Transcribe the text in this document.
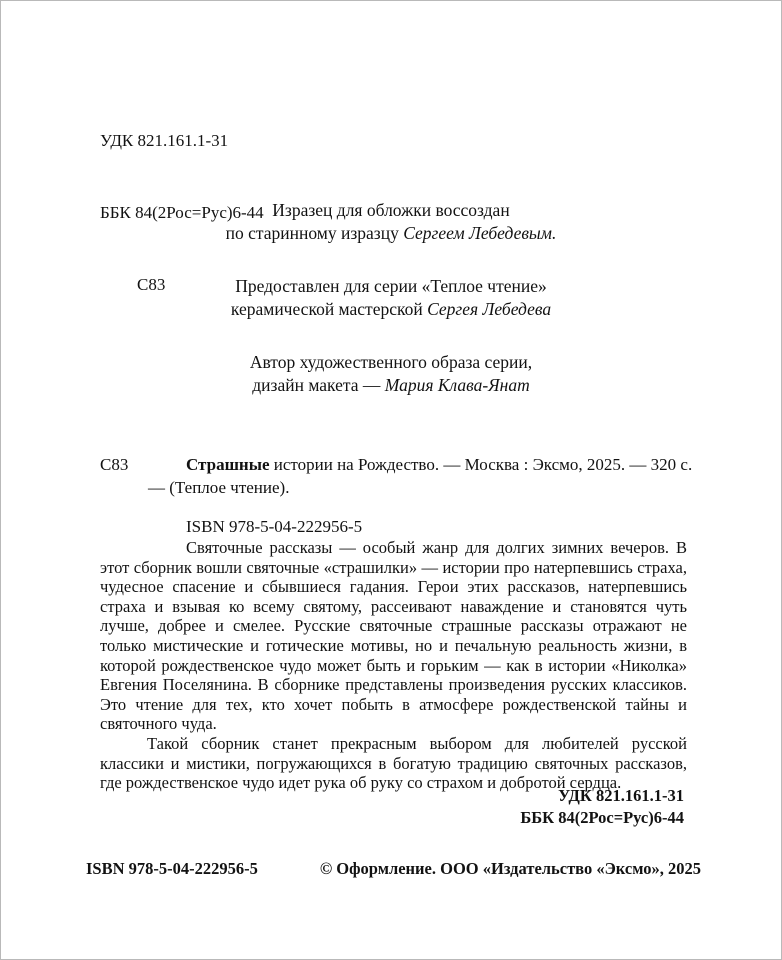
УДК 821.161.1-31

ББК 84(2Рос=Рус)6-44

С83

Изразец для обложки воссоздан
по старинному изразцу Сергеем Лебедевым.
Предоставлен для серии «Теплое чтение»
керамической мастерской Сергея Лебедева
Автор художественного образа серии,
дизайн макета — Мария Клава-Янат
С83	Страшные истории на Рождество. — Москва : Эксмо, 2025. — 320 с. — (Теплое чтение).
ISBN 978-5-04-222956-5

Святочные рассказы — особый жанр для долгих зимних вечеров. В этот сборник вошли святочные «страшилки» — истории про натерпевшись страха, чудесное спасение и сбывшиеся гадания. Герои этих рассказов, натерпевшись страха и взывая ко всему святому, рассеивают наваждение и становятся чуть лучше, добрее и смелее. Русские святочные страшные рассказы отражают не только мистические и готические мотивы, но и печальную реальность жизни, в которой рождественское чудо может быть и горьким — как в истории «Николка» Евгения Поселянина. В сборнике представлены произведения русских классиков. Это чтение для тех, кто хочет побыть в атмосфере рождественской тайны и святочного чуда.

Такой сборник станет прекрасным выбором для любителей русской классики и мистики, погружающихся в богатую традицию святочных рассказов, где рождественское чудо идет рука об руку со страхом и добротой сердца.

УДК 821.161.1-31
ББК 84(2Рос=Рус)6-44
ISBN 978-5-04-222956-5	© Оформление. ООО «Издательство «Эксмо», 2025
